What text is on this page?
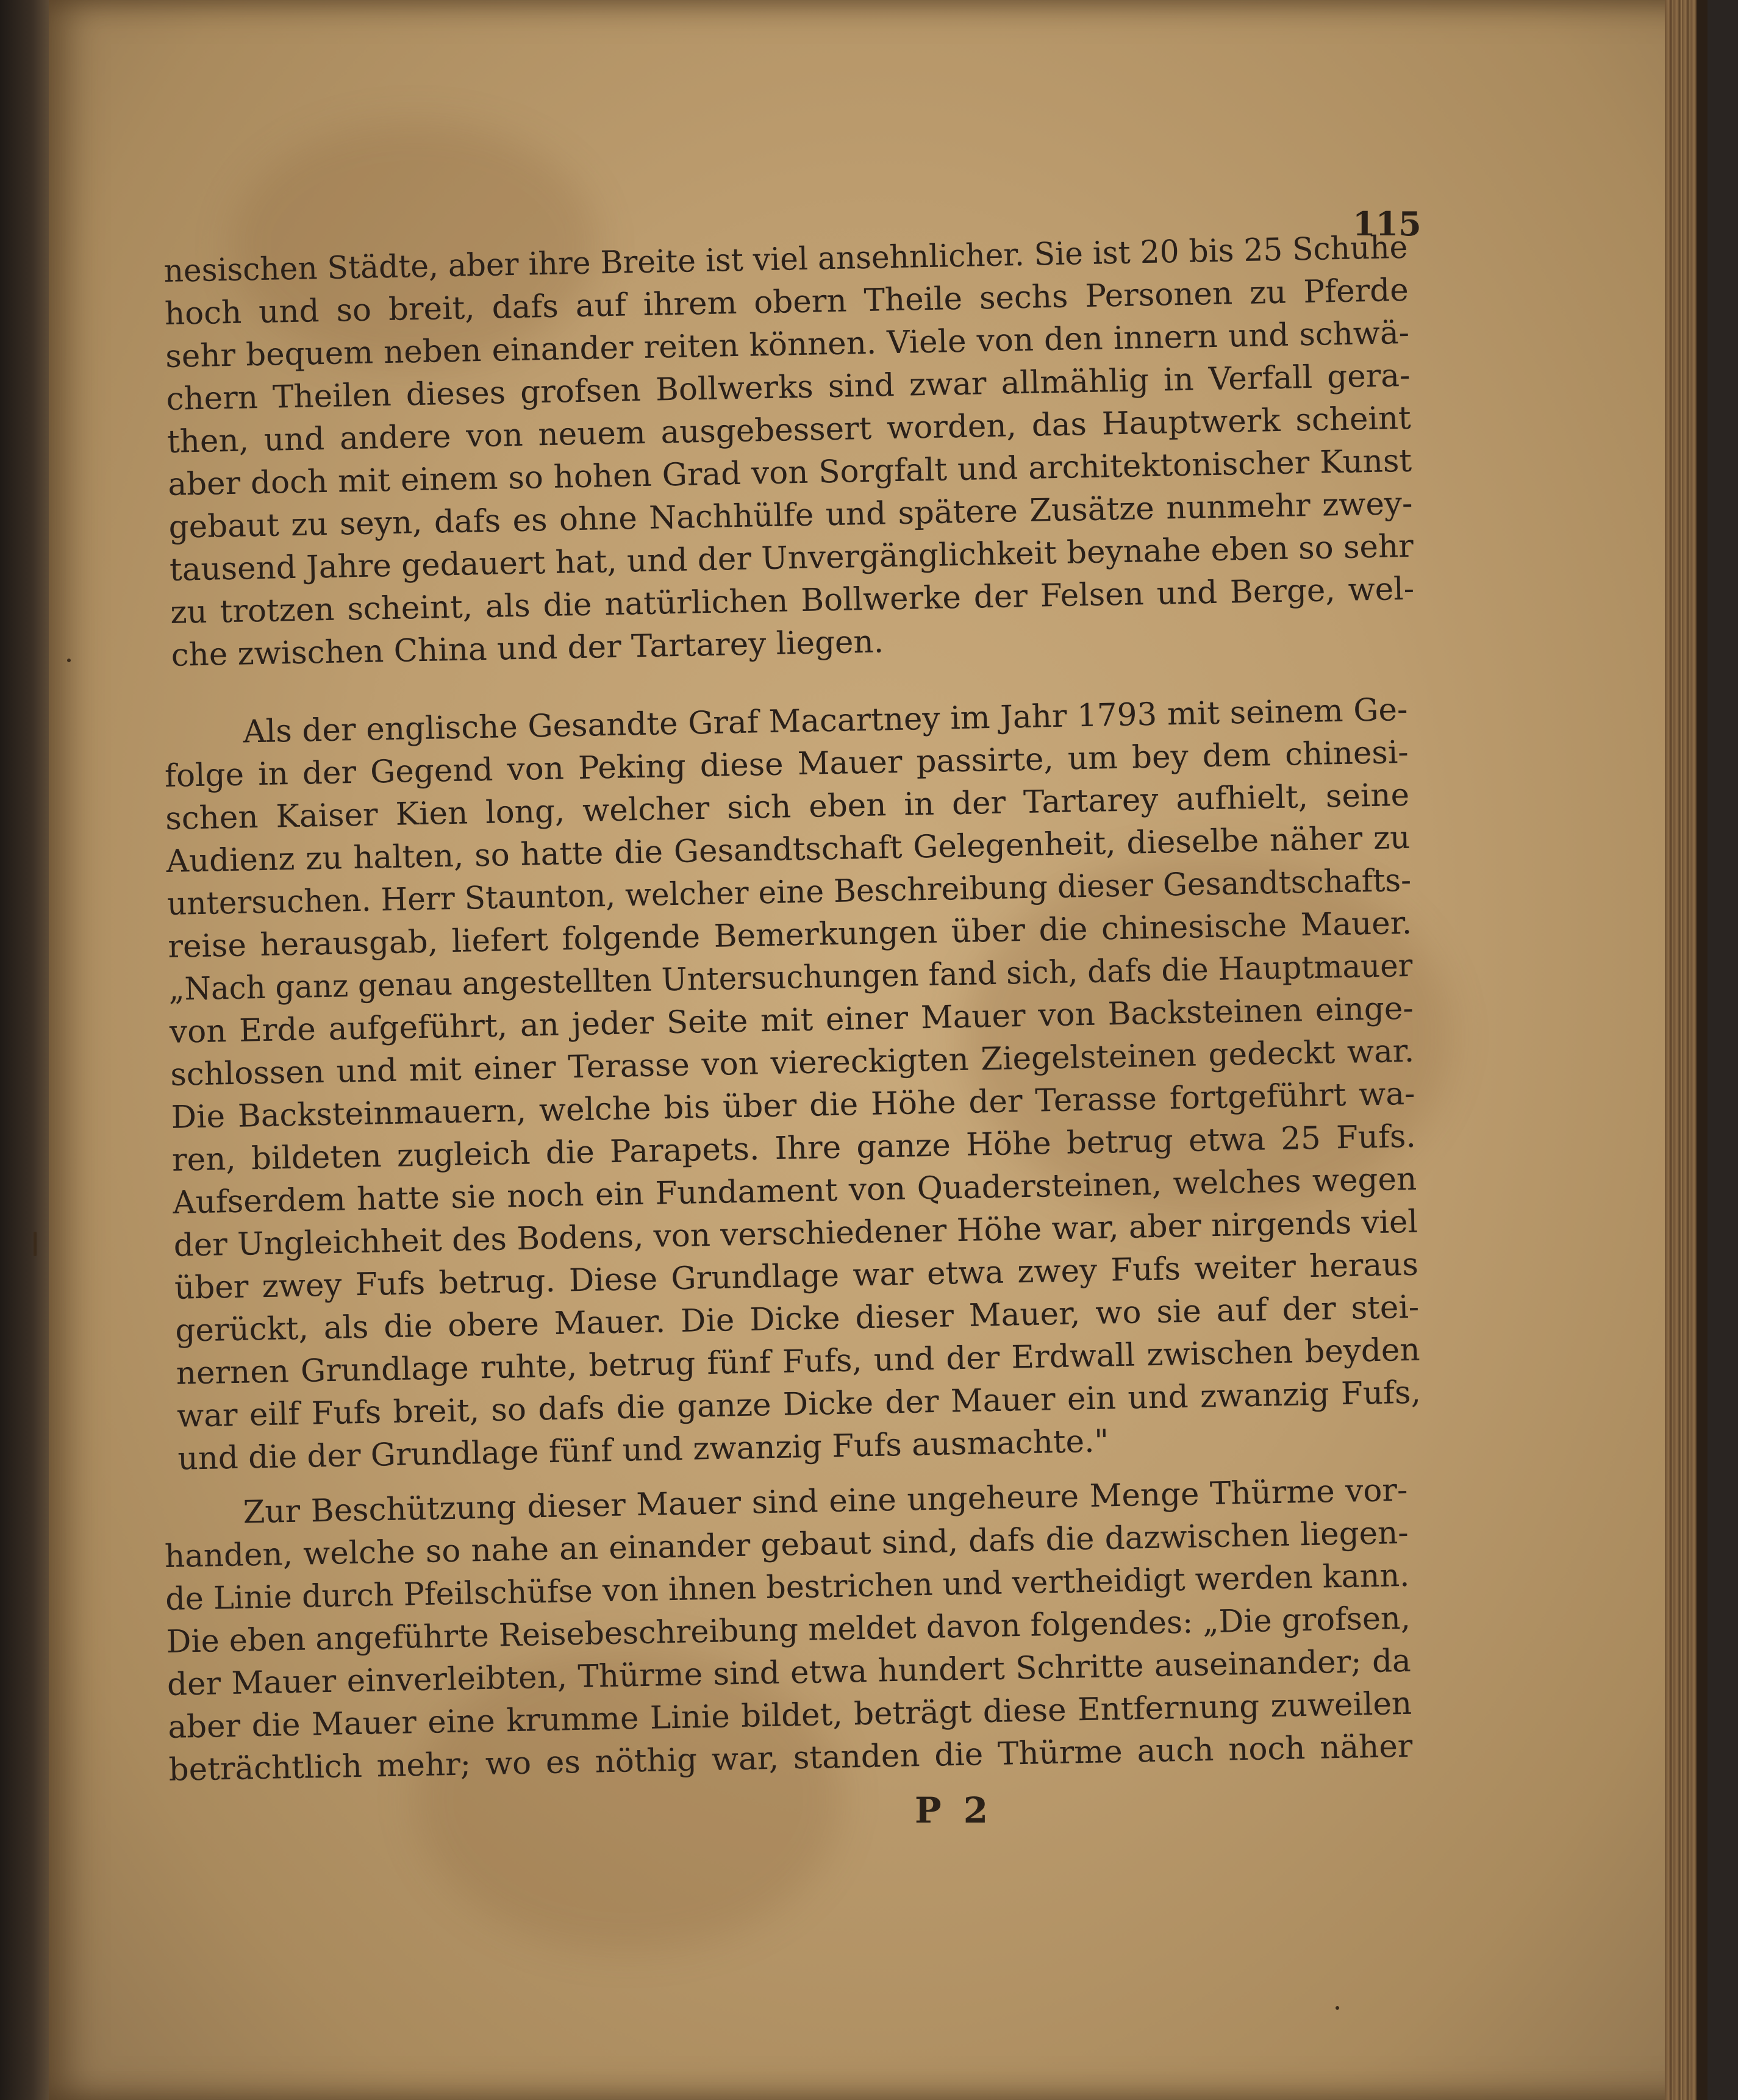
115
nesischen Städte, aber ihre Breite ist viel ansehnlicher. Sie ist 20 bis 25 Schuhe
hoch und so breit, dafs auf ihrem obern Theile sechs Personen zu Pferde
sehr bequem neben einander reiten können. Viele von den innern und schwä-
chern Theilen dieses grofsen Bollwerks sind zwar allmählig in Verfall gera-
then, und andere von neuem ausgebessert worden, das Hauptwerk scheint
aber doch mit einem so hohen Grad von Sorgfalt und architektonischer Kunst
gebaut zu seyn, dafs es ohne Nachhülfe und spätere Zusätze nunmehr zwey-
tausend Jahre gedauert hat, und der Unvergänglichkeit beynahe eben so sehr
zu trotzen scheint, als die natürlichen Bollwerke der Felsen und Berge, wel-
che zwischen China und der Tartarey liegen.
Als der englische Gesandte Graf Macartney im Jahr 1793 mit seinem Ge-
folge in der Gegend von Peking diese Mauer passirte, um bey dem chinesi-
schen Kaiser Kien long, welcher sich eben in der Tartarey aufhielt, seine
Audienz zu halten, so hatte die Gesandtschaft Gelegenheit, dieselbe näher zu
untersuchen. Herr Staunton, welcher eine Beschreibung dieser Gesandtschafts-
reise herausgab, liefert folgende Bemerkungen über die chinesische Mauer.
„Nach ganz genau angestellten Untersuchungen fand sich, dafs die Hauptmauer
von Erde aufgeführt, an jeder Seite mit einer Mauer von Backsteinen einge-
schlossen und mit einer Terasse von viereckigten Ziegelsteinen gedeckt war.
Die Backsteinmauern, welche bis über die Höhe der Terasse fortgeführt wa-
ren, bildeten zugleich die Parapets. Ihre ganze Höhe betrug etwa 25 Fufs.
Aufserdem hatte sie noch ein Fundament von Quadersteinen, welches wegen
der Ungleichheit des Bodens, von verschiedener Höhe war, aber nirgends viel
über zwey Fufs betrug. Diese Grundlage war etwa zwey Fufs weiter heraus
gerückt, als die obere Mauer. Die Dicke dieser Mauer, wo sie auf der stei-
nernen Grundlage ruhte, betrug fünf Fufs, und der Erdwall zwischen beyden
war eilf Fufs breit, so dafs die ganze Dicke der Mauer ein und zwanzig Fufs,
und die der Grundlage fünf und zwanzig Fufs ausmachte."
Zur Beschützung dieser Mauer sind eine ungeheure Menge Thürme vor-
handen, welche so nahe an einander gebaut sind, dafs die dazwischen liegen-
de Linie durch Pfeilschüfse von ihnen bestrichen und vertheidigt werden kann.
Die eben angeführte Reisebeschreibung meldet davon folgendes: „Die grofsen,
der Mauer einverleibten, Thürme sind etwa hundert Schritte auseinander; da
aber die Mauer eine krumme Linie bildet, beträgt diese Entfernung zuweilen
beträchtlich mehr; wo es nöthig war, standen die Thürme auch noch näher
P 2
